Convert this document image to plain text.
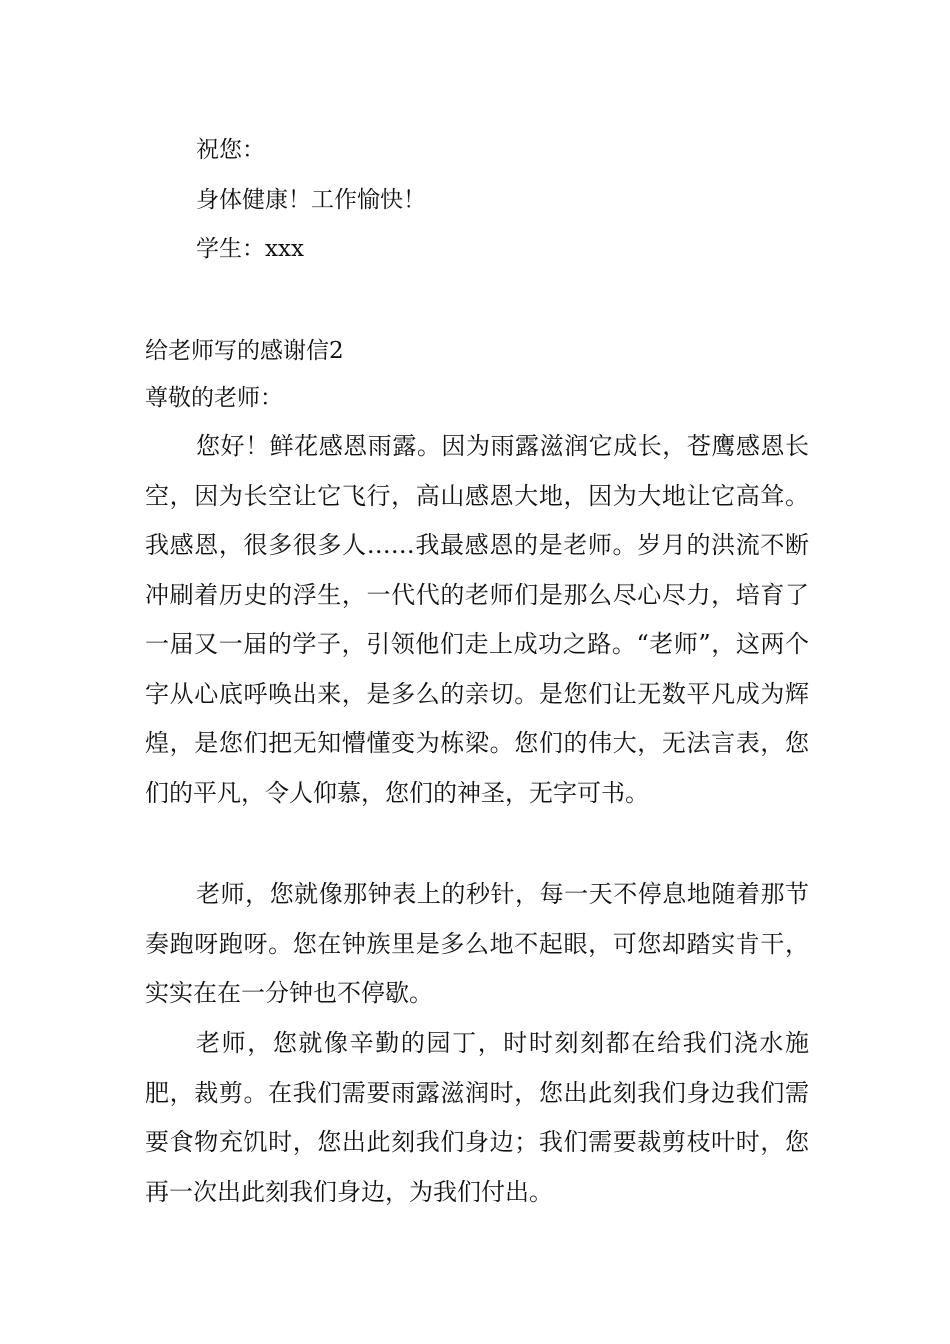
祝您：
身体健康！工作愉快！
学生：xxx
给老师写的感谢信2
尊敬的老师：

您好！鲜花感恩雨露。因为雨露滋润它成长，苍鹰感恩长空，因为长空让它飞行，高山感恩大地，因为大地让它高耸。我感恩，很多很多人……我最感恩的是老师。岁月的洪流不断冲刷着历史的浮生，一代代的老师们是那么尽心尽力，培育了一届又一届的学子，引领他们走上成功之路。“老师”，这两个字从心底呼唤出来，是多么的亲切。是您们让无数平凡成为辉煌，是您们把无知懵懂变为栋梁。您们的伟大，无法言表，您们的平凡，令人仰慕，您们的神圣，无字可书。

老师，您就像那钟表上的秒针，每一天不停息地随着那节奏跑呀跑呀。您在钟族里是多么地不起眼，可您却踏实肯干，实实在在一分钟也不停歇。

老师，您就像辛勤的园丁，时时刻刻都在给我们浇水施肥，裁剪。在我们需要雨露滋润时，您出此刻我们身边我们需要食物充饥时，您出此刻我们身边；我们需要裁剪枝叶时，您再一次出此刻我们身边，为我们付出。
